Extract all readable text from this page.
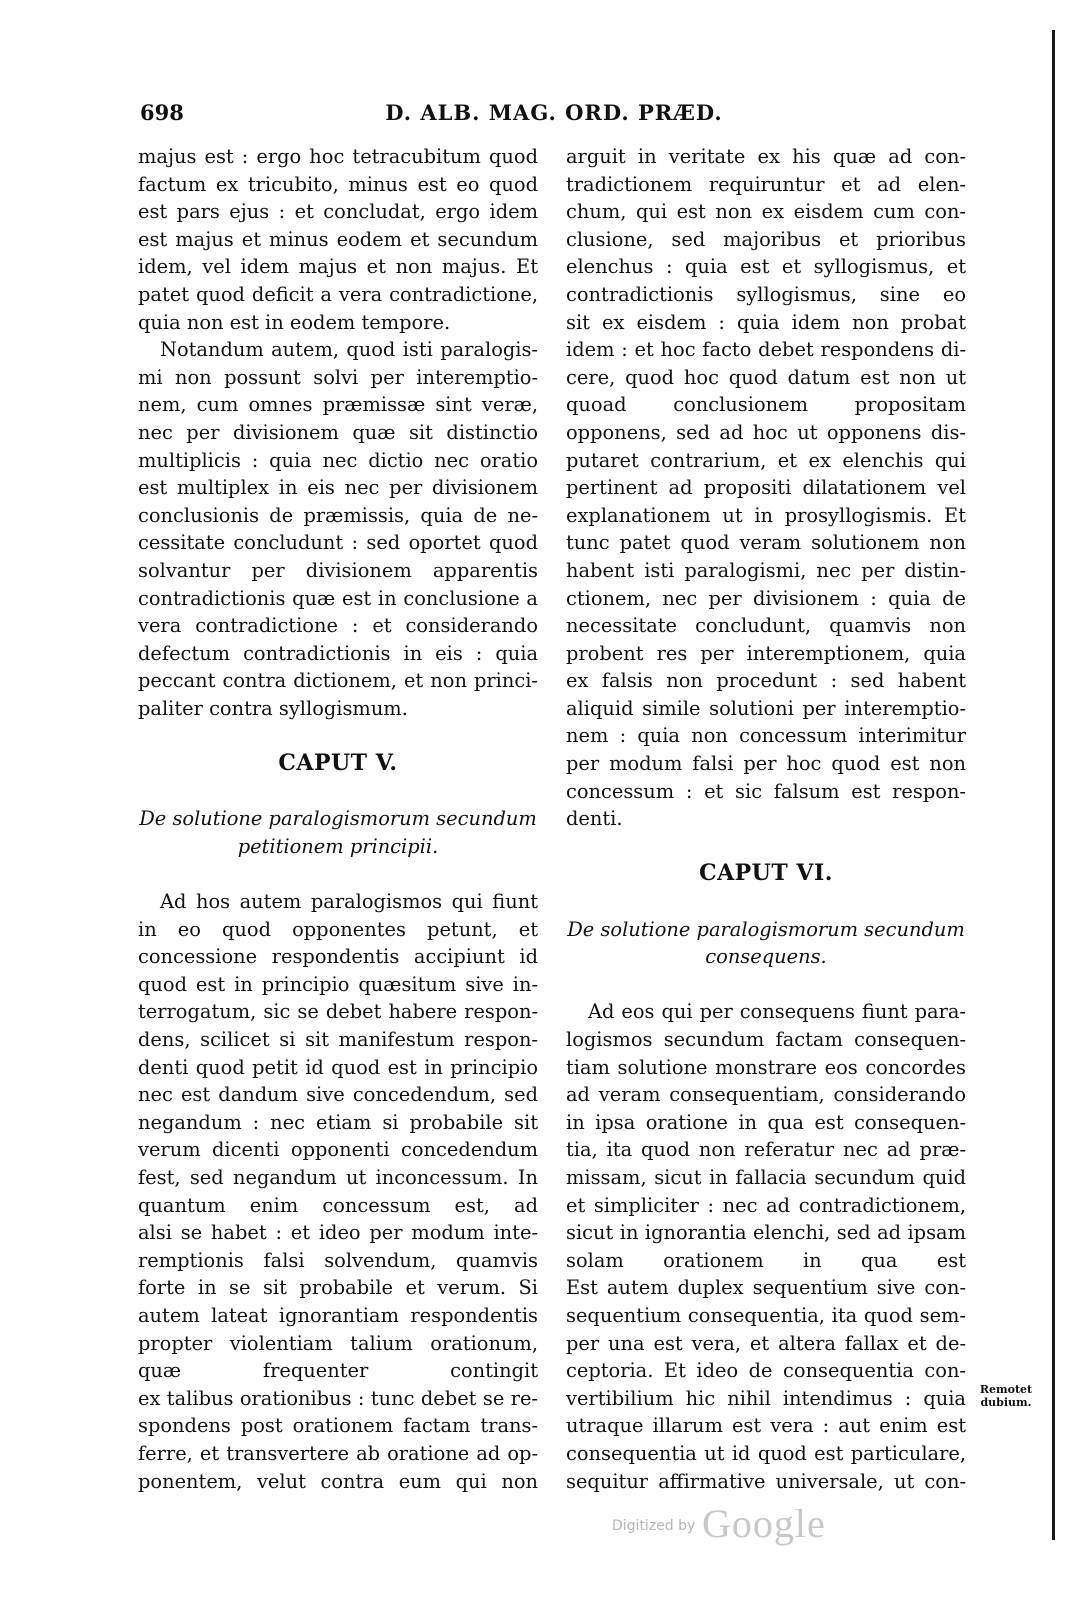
698	D. ALB. MAG. ORD. PRÆD.
majus est : ergo hoc tetracubitum quod
factum ex tricubito, minus est eo quod
est pars ejus : et concludat, ergo idem
est majus et minus eodem et secundum
idem, vel idem majus et non majus. Et
patet quod deficit a vera contradictione,
quia non est in eodem tempore.
Notandum autem, quod isti paralogis-
mi non possunt solvi per interemptio-
nem, cum omnes præmissæ sint veræ,
nec per divisionem quæ sit distinctio
multiplicis : quia nec dictio nec oratio
est multiplex in eis nec per divisionem
conclusionis de præmissis, quia de ne-
cessitate concludunt : sed oportet quod
solvantur per divisionem apparentis
contradictionis quæ est in conclusione a
vera contradictione : et considerando
defectum contradictionis in eis : quia
peccant contra dictionem, et non princi-
paliter contra syllogismum.
CAPUT V.
De solutione paralogismorum secundum
petitionem principii.
Ad hos autem paralogismos qui fiunt
in eo quod opponentes petunt, et
concessione respondentis accipiunt id
quod est in principio quæsitum sive in-
terrogatum, sic se debet habere respon-
dens, scilicet si sit manifestum respon-
denti quod petit id quod est in principio
nec est dandum sive concedendum, sed
negandum : nec etiam si probabile sit
verum dicenti opponenti concedendum
fest, sed negandum ut inconcessum. In
quantum enim concessum est, ad
alsi se habet : et ideo per modum inte-
remptionis falsi solvendum, quamvis
forte in se sit probabile et verum. Si
autem lateat ignorantiam respondentis
propter violentiam talium orationum,
quæ frequenter contingit
ex talibus orationibus : tunc debet se re-
spondens post orationem factam trans-
ferre, et transvertere ab oratione ad op-
ponentem, velut contra eum qui non
arguit in veritate ex his quæ ad con-
tradictionem requiruntur et ad elen-
chum, qui est non ex eisdem cum con-
clusione, sed majoribus et prioribus
elenchus : quia est et syllogismus, et
contradictionis syllogismus, sine eo
sit ex eisdem : quia idem non probat
idem : et hoc facto debet respondens di-
cere, quod hoc quod datum est non ut
quoad conclusionem propositam
opponens, sed ad hoc ut opponens dis-
putaret contrarium, et ex elenchis qui
pertinent ad propositi dilatationem vel
explanationem ut in prosyllogismis. Et
tunc patet quod veram solutionem non
habent isti paralogismi, nec per distin-
ctionem, nec per divisionem : quia de
necessitate concludunt, quamvis non
probent res per interemptionem, quia
ex falsis non procedunt : sed habent
aliquid simile solutioni per interemptio-
nem : quia non concessum interimitur
per modum falsi per hoc quod est non
concessum : et sic falsum est respon-
denti.
CAPUT VI.
De solutione paralogismorum secundum
consequens.
Ad eos qui per consequens fiunt para-
logismos secundum factam consequen-
tiam solutione monstrare eos concordes
ad veram consequentiam, considerando
in ipsa oratione in qua est consequen-
tia, ita quod non referatur nec ad præ-
missam, sicut in fallacia secundum quid
et simpliciter : nec ad contradictionem,
sicut in ignorantia elenchi, sed ad ipsam
solam orationem in qua est
Est autem duplex sequentium sive con-
sequentium consequentia, ita quod sem-
per una est vera, et altera fallax et de-
ceptoria. Et ideo de consequentia con-
vertibilium hic nihil intendimus : quia
utraque illarum est vera : aut enim est
consequentia ut id quod est particulare,
sequitur affirmative universale, ut con-
Remotet
dubium.
Digitized by Google
